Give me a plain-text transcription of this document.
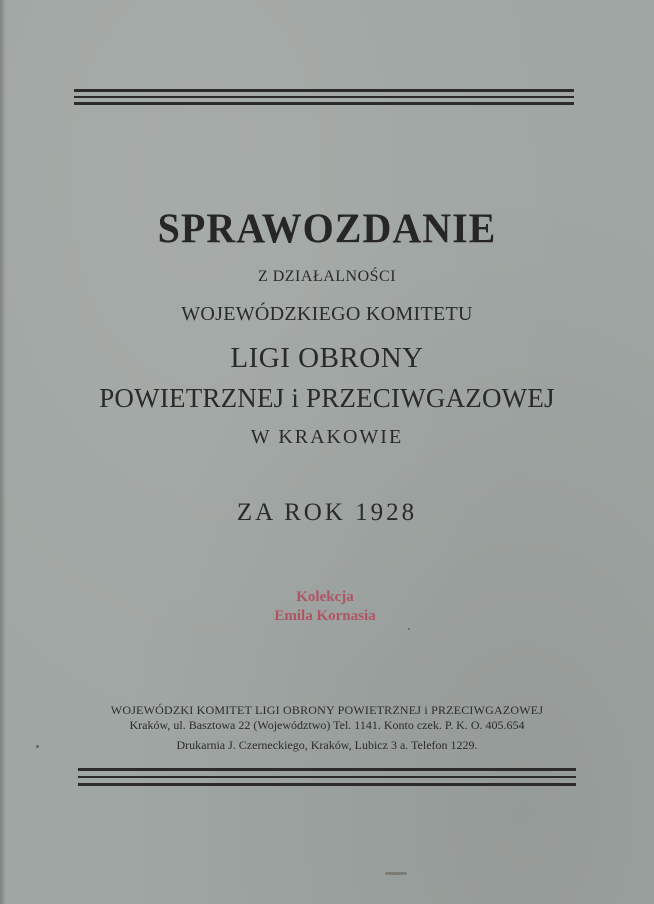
SPRAWOZDANIE

Z DZIAŁALNOŚCI

WOJEWÓDZKIEGO KOMITETU

LIGI OBRONY

POWIETRZNEJ i PRZECIWGAZOWEJ

W KRAKOWIE

ZA ROK 1928

Kolekcja
Emila Kornasia

WOJEWÓDZKI KOMITET LIGI OBRONY POWIETRZNEJ i PRZECIWGAZOWEJ

Kraków, ul. Basztowa 22 (Województwo) Tel. 1141. Konto czek. P. K. O. 405.654

Drukarnia J. Czerneckiego, Kraków, Lubicz 3 a. Telefon 1229.
